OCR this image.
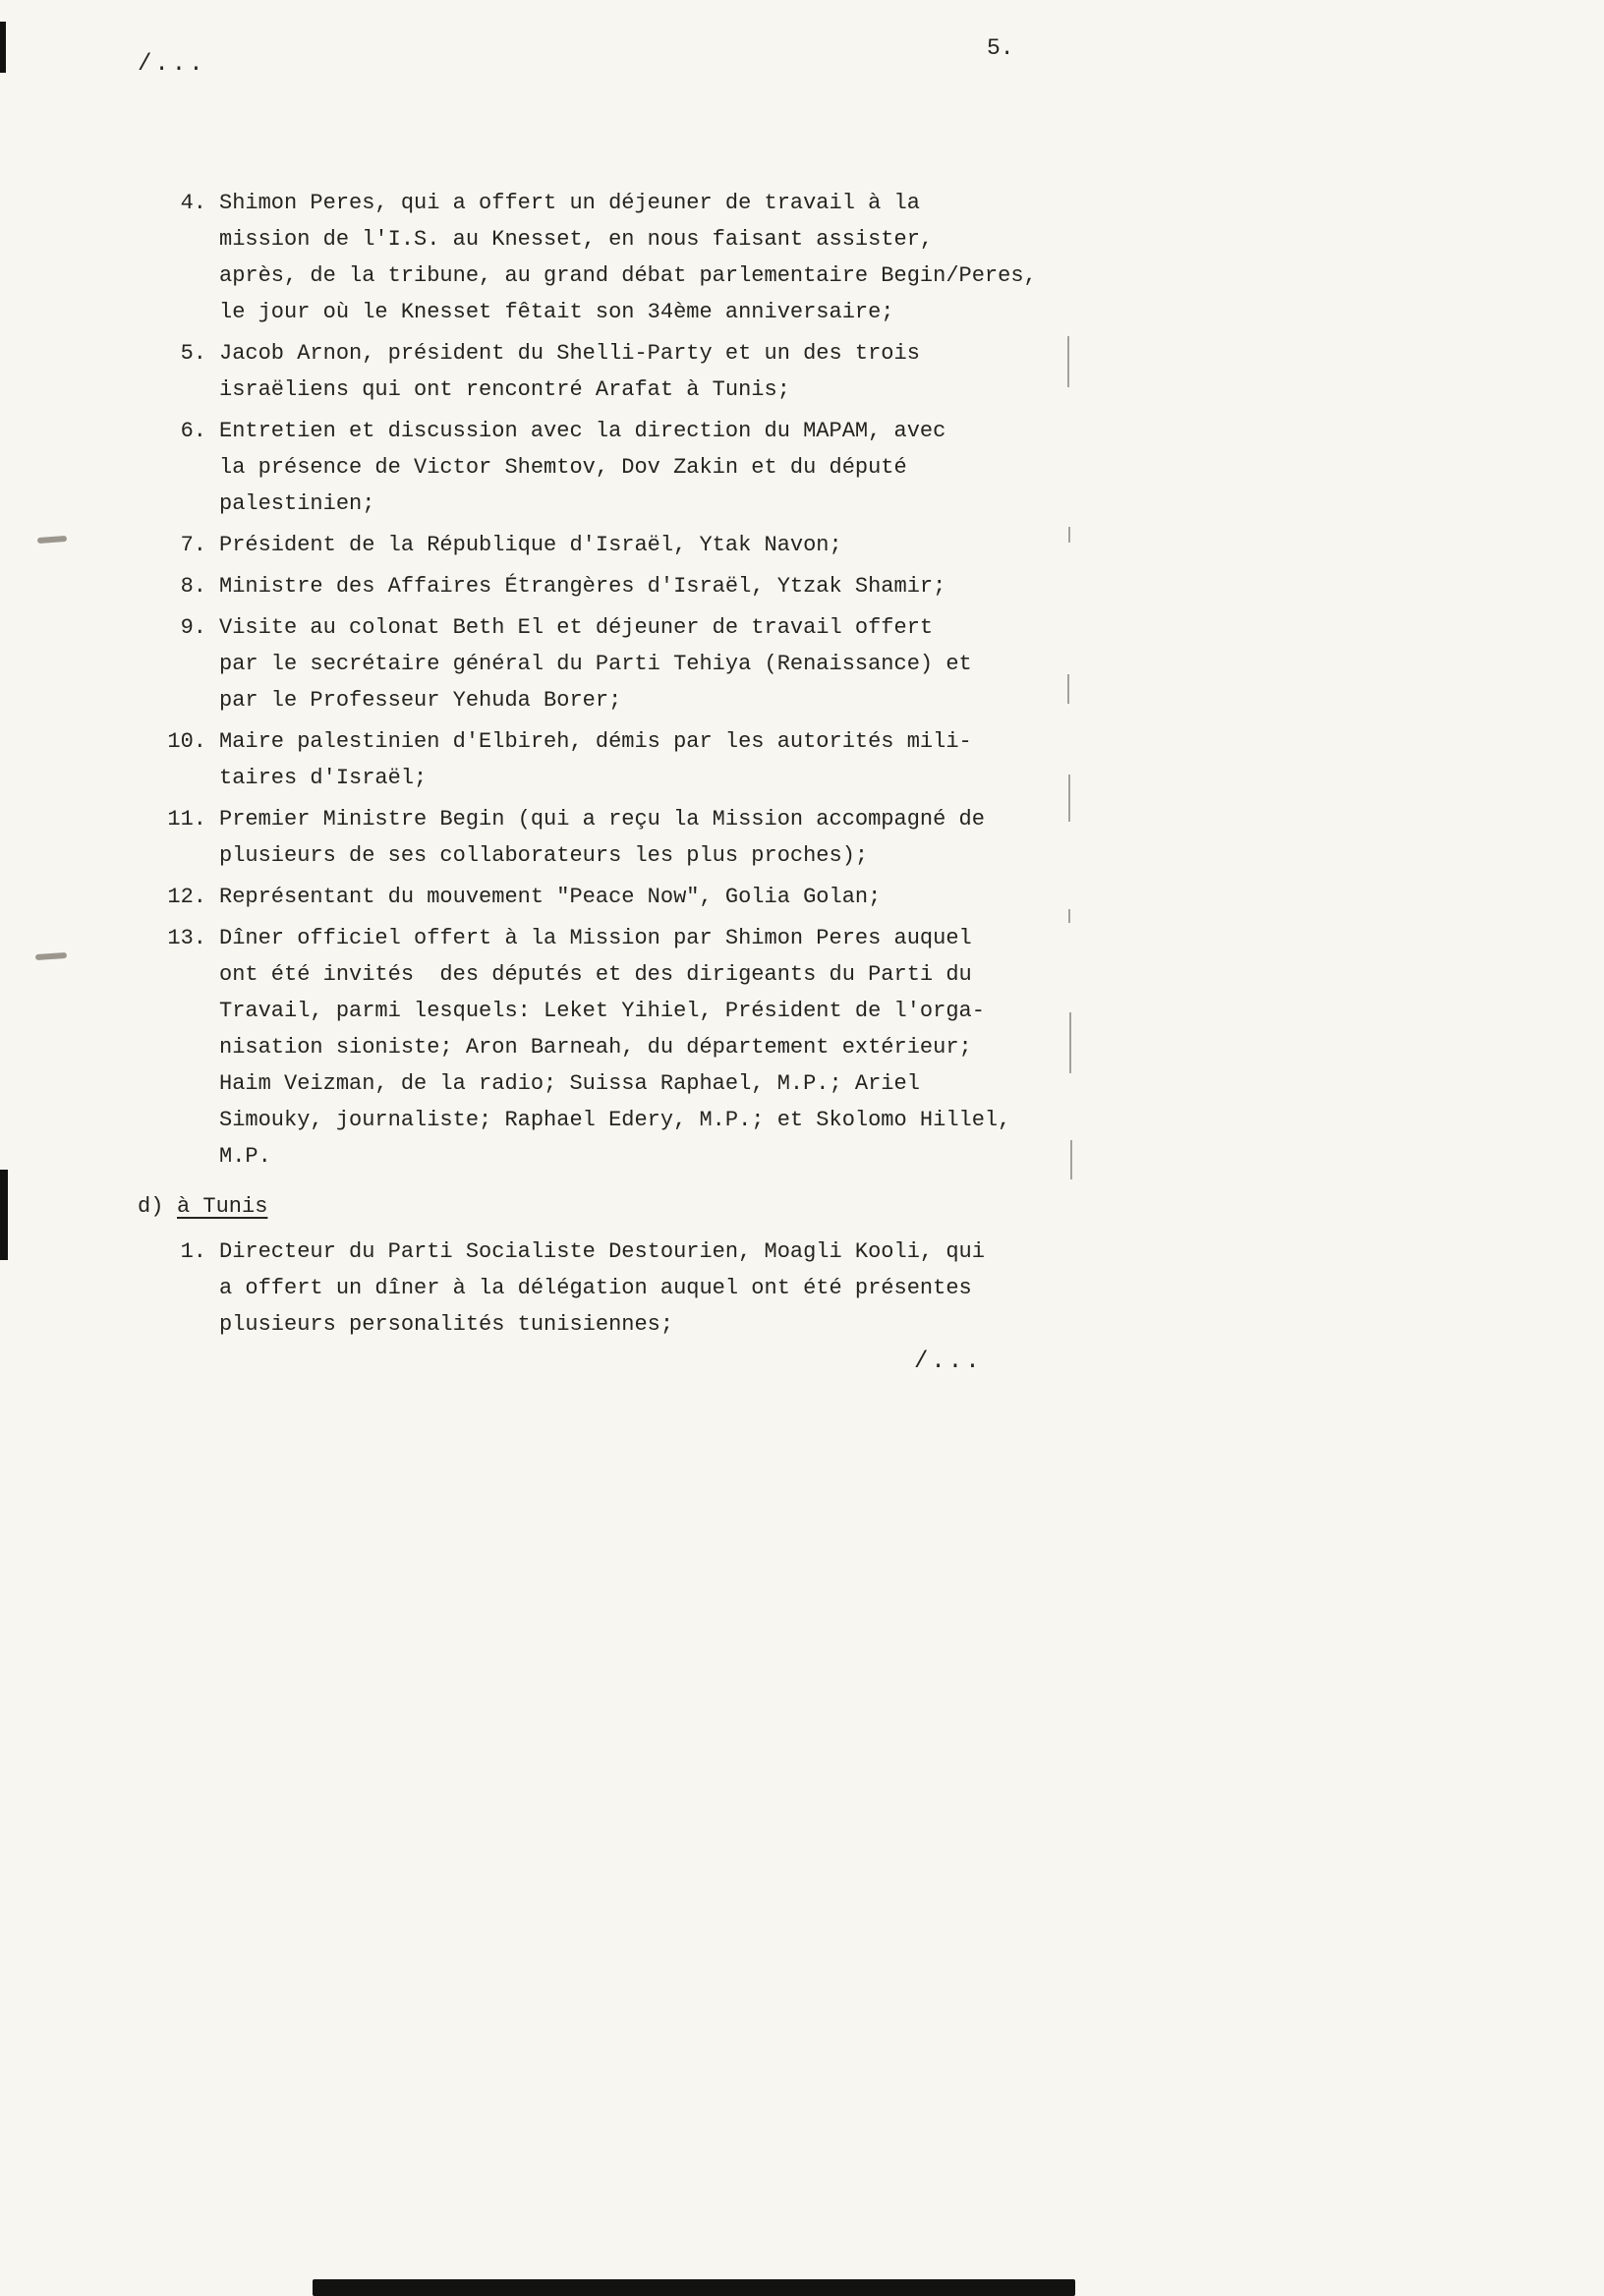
/...
5.
4. Shimon Peres, qui a offert un déjeuner de travail à la
mission de l'I.S. au Knesset, en nous faisant assister,
après, de la tribune, au grand débat parlementaire Begin/Peres,
le jour où le Knesset fêtait son 34ème anniversaire;
5. Jacob Arnon, président du Shelli-Party et un des trois
israëliens qui ont rencontré Arafat à Tunis;
6. Entretien et discussion avec la direction du MAPAM, avec
la présence de Victor Shemtov, Dov Zakin et du député
palestinien;
7. Président de la République d'Israël, Ytak Navon;
8. Ministre des Affaires Étrangères d'Israël, Ytzak Shamir;
9. Visite au colonat Beth El et déjeuner de travail offert
par le secrétaire général du Parti Tehiya (Renaissance) et
par le Professeur Yehuda Borer;
10. Maire palestinien d'Elbireh, démis par les autorités mili-
taires d'Israël;
11. Premier Ministre Begin (qui a reçu la Mission accompagné de
plusieurs de ses collaborateurs les plus proches);
12. Représentant du mouvement "Peace Now", Golia Golan;
13. Dîner officiel offert à la Mission par Shimon Peres auquel
ont été invités  des députés et des dirigeants du Parti du
Travail, parmi lesquels: Leket Yihiel, Président de l'orga-
nisation sioniste; Aron Barneah, du département extérieur;
Haim Veizman, de la radio; Suissa Raphael, M.P.; Ariel
Simouky, journaliste; Raphael Edery, M.P.; et Skolomo Hillel,
M.P.
d) à Tunis
1. Directeur du Parti Socialiste Destourien, Moagli Kooli, qui
a offert un dîner à la délégation auquel ont été présentes
plusieurs personalités tunisiennes;
/...
